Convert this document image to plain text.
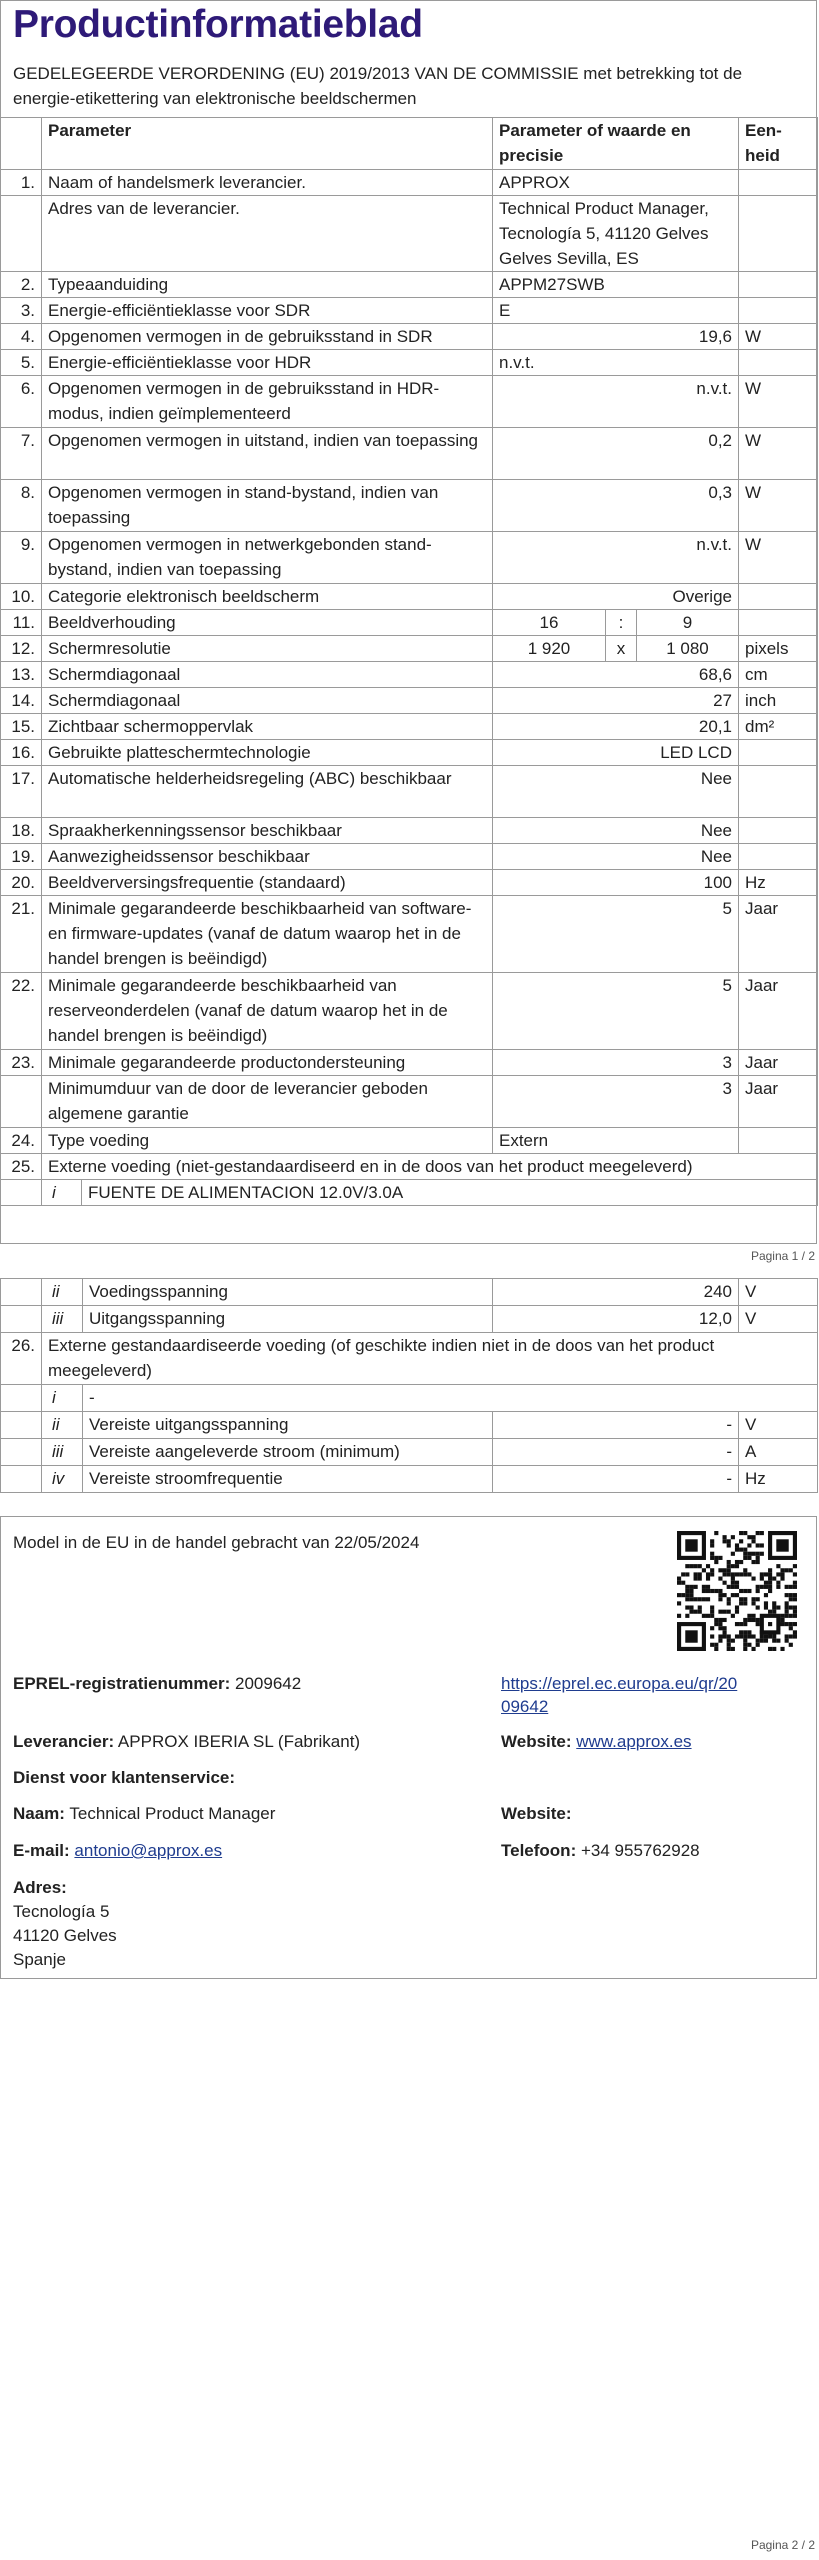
Productinformatieblad
GEDELEGEERDE VERORDENING (EU) 2019/2013 VAN DE COMMISSIE met betrekking tot de energie-etikettering van elektronische beeldschermen
	Parameter	Parameter of waarde en precisie	Een-heid
1.	Naam of handelsmerk leverancier.	APPROX	
	Adres van de leverancier.	Technical Product Manager, Tecnología 5, 41120 Gelves Gelves Sevilla, ES	
2.	Typeaanduiding	APPM27SWB	
3.	Energie-efficiëntieklasse voor SDR	E	
4.	Opgenomen vermogen in de gebruiksstand in SDR	19,6	W
5.	Energie-efficiëntieklasse voor HDR	n.v.t.	
6.	Opgenomen vermogen in de gebruiksstand in HDR-modus, indien geïmplementeerd	n.v.t.	W
7.	Opgenomen vermogen in uitstand, indien van toepassing	0,2	W
8.	Opgenomen vermogen in stand-bystand, indien van toepassing	0,3	W
9.	Opgenomen vermogen in netwerkgebonden stand-bystand, indien van toepassing	n.v.t.	W
10.	Categorie elektronisch beeldscherm	Overige	
11.	Beeldverhouding	16 : 9	

12.	Schermresolutie	1 920 x 1 080	pixels
13.	Schermdiagonaal	68,6	cm
14.	Schermdiagonaal	27	inch
15.	Zichtbaar schermoppervlak	20,1	dm²
16.	Gebruikte platteschermtechnologie	LED LCD	
17.	Automatische helderheidsregeling (ABC) beschikbaar	Nee	
18.	Spraakherkenningssensor beschikbaar	Nee	
19.	Aanwezigheidssensor beschikbaar	Nee	
20.	Beeldverversingsfrequentie (standaard)	100	Hz
21.	Minimale gegarandeerde beschikbaarheid van software- en firmware-updates (vanaf de datum waarop het in de handel brengen is beëindigd)	5	Jaar
22.	Minimale gegarandeerde beschikbaarheid van reserveonderdelen (vanaf de datum waarop het in de handel brengen is beëindigd)	5	Jaar
23.	Minimale gegarandeerde productondersteuning	3	Jaar
	Minimumduur van de door de leverancier geboden algemene garantie	3	Jaar
24.	Type voeding	Extern	
25.	Externe voeding (niet-gestandaardiseerd en in de doos van het product meegeleverd)		

	i FUENTE DE ALIMENTACION 12.0V/3.0A		
Pagina 1 / 2
	ii	Voedingsspanning	240	V
	iii	Uitgangsspanning	12,0	V
26.	Externe gestandaardiseerde voeding (of geschikte indien niet in de doos van het product meegeleverd)			
	i	-		
	ii	Vereiste uitgangsspanning	-	V
	iii	Vereiste aangeleverde stroom (minimum)	-	A
	iv	Vereiste stroomfrequentie	-	Hz
Model in de EU in de handel gebracht van 22/05/2024
EPREL-registratienummer: 2009642	https://eprel.ec.europa.eu/qr/20
09642
Leverancier: APPROX IBERIA SL (Fabrikant)	Website: www.approx.es
Dienst voor klantenservice:
Naam: Technical Product Manager	Website:
E-mail: antonio@approx.es	Telefoon: +34 955762928
Adres:
Tecnología 5
41120 Gelves
Spanje
Pagina 2 / 2
